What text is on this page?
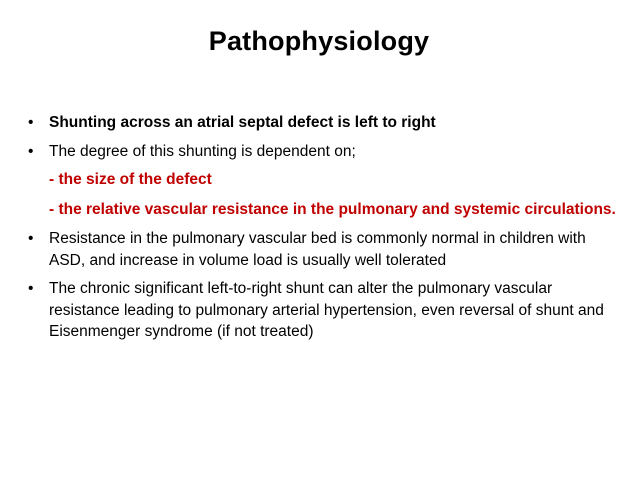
Pathophysiology
•	Shunting across an atrial septal defect is left to right
•	The degree of this shunting is dependent on;
- the size of the defect
- the relative vascular resistance in the pulmonary and systemic circulations.
•	Resistance in the pulmonary vascular bed is commonly normal in children with ASD, and increase in volume load is usually well tolerated
•	The chronic significant left-to-right shunt can alter the pulmonary vascular resistance leading to pulmonary arterial hypertension, even reversal of shunt and Eisenmenger syndrome (if not treated)
